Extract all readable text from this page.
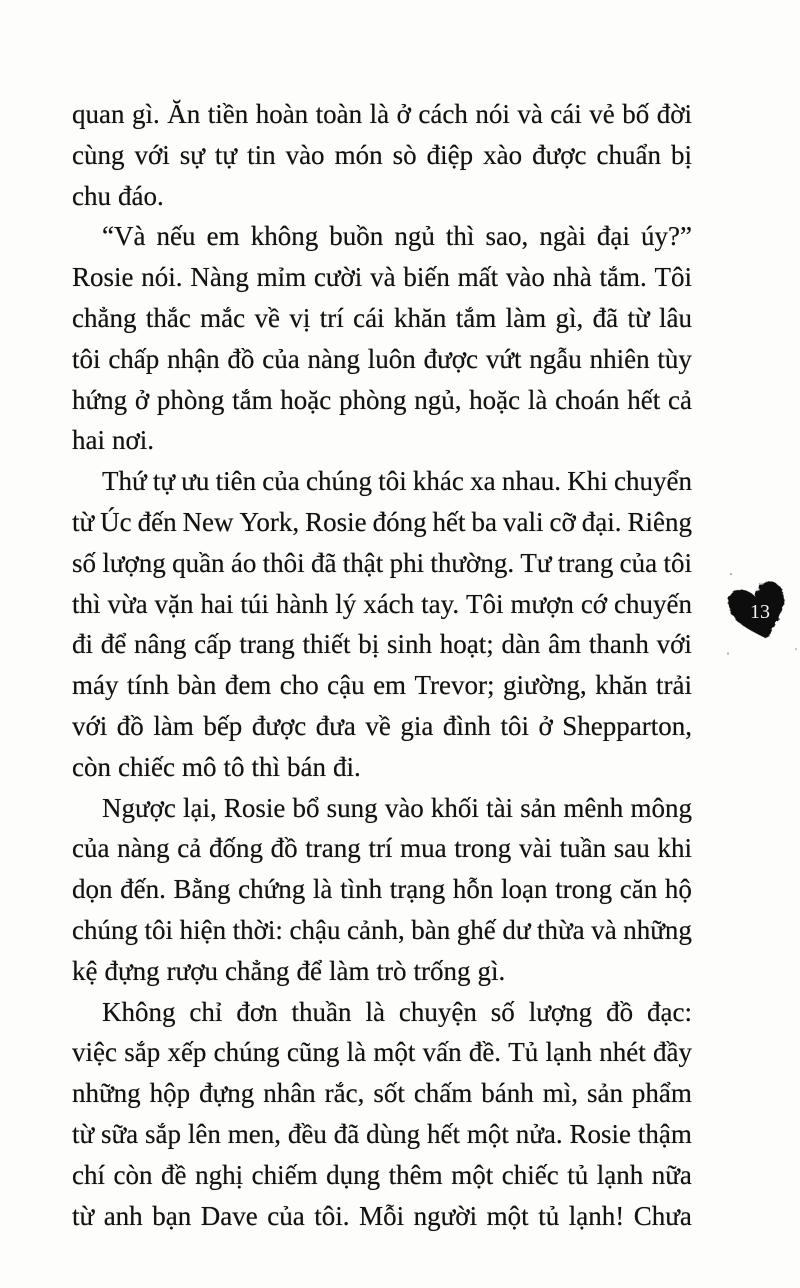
quan gì. Ăn tiền hoàn toàn là ở cách nói và cái vẻ bố đời
cùng với sự tự tin vào món sò điệp xào được chuẩn bị
chu đáo.
“Và nếu em không buồn ngủ thì sao, ngài đại úy?”
Rosie nói. Nàng mỉm cười và biến mất vào nhà tắm. Tôi
chẳng thắc mắc về vị trí cái khăn tắm làm gì, đã từ lâu
tôi chấp nhận đồ của nàng luôn được vứt ngẫu nhiên tùy
hứng ở phòng tắm hoặc phòng ngủ, hoặc là choán hết cả
hai nơi.
Thứ tự ưu tiên của chúng tôi khác xa nhau. Khi chuyển
từ Úc đến New York, Rosie đóng hết ba vali cỡ đại. Riêng
số lượng quần áo thôi đã thật phi thường. Tư trang của tôi
thì vừa vặn hai túi hành lý xách tay. Tôi mượn cớ chuyến
đi để nâng cấp trang thiết bị sinh hoạt; dàn âm thanh với
máy tính bàn đem cho cậu em Trevor; giường, khăn trải
với đồ làm bếp được đưa về gia đình tôi ở Shepparton,
còn chiếc mô tô thì bán đi.
Ngược lại, Rosie bổ sung vào khối tài sản mênh mông
của nàng cả đống đồ trang trí mua trong vài tuần sau khi
dọn đến. Bằng chứng là tình trạng hỗn loạn trong căn hộ
chúng tôi hiện thời: chậu cảnh, bàn ghế dư thừa và những
kệ đựng rượu chẳng để làm trò trống gì.
Không chỉ đơn thuần là chuyện số lượng đồ đạc:
việc sắp xếp chúng cũng là một vấn đề. Tủ lạnh nhét đầy
những hộp đựng nhân rắc, sốt chấm bánh mì, sản phẩm
từ sữa sắp lên men, đều đã dùng hết một nửa. Rosie thậm
chí còn đề nghị chiếm dụng thêm một chiếc tủ lạnh nữa
từ anh bạn Dave của tôi. Mỗi người một tủ lạnh! Chưa
13
